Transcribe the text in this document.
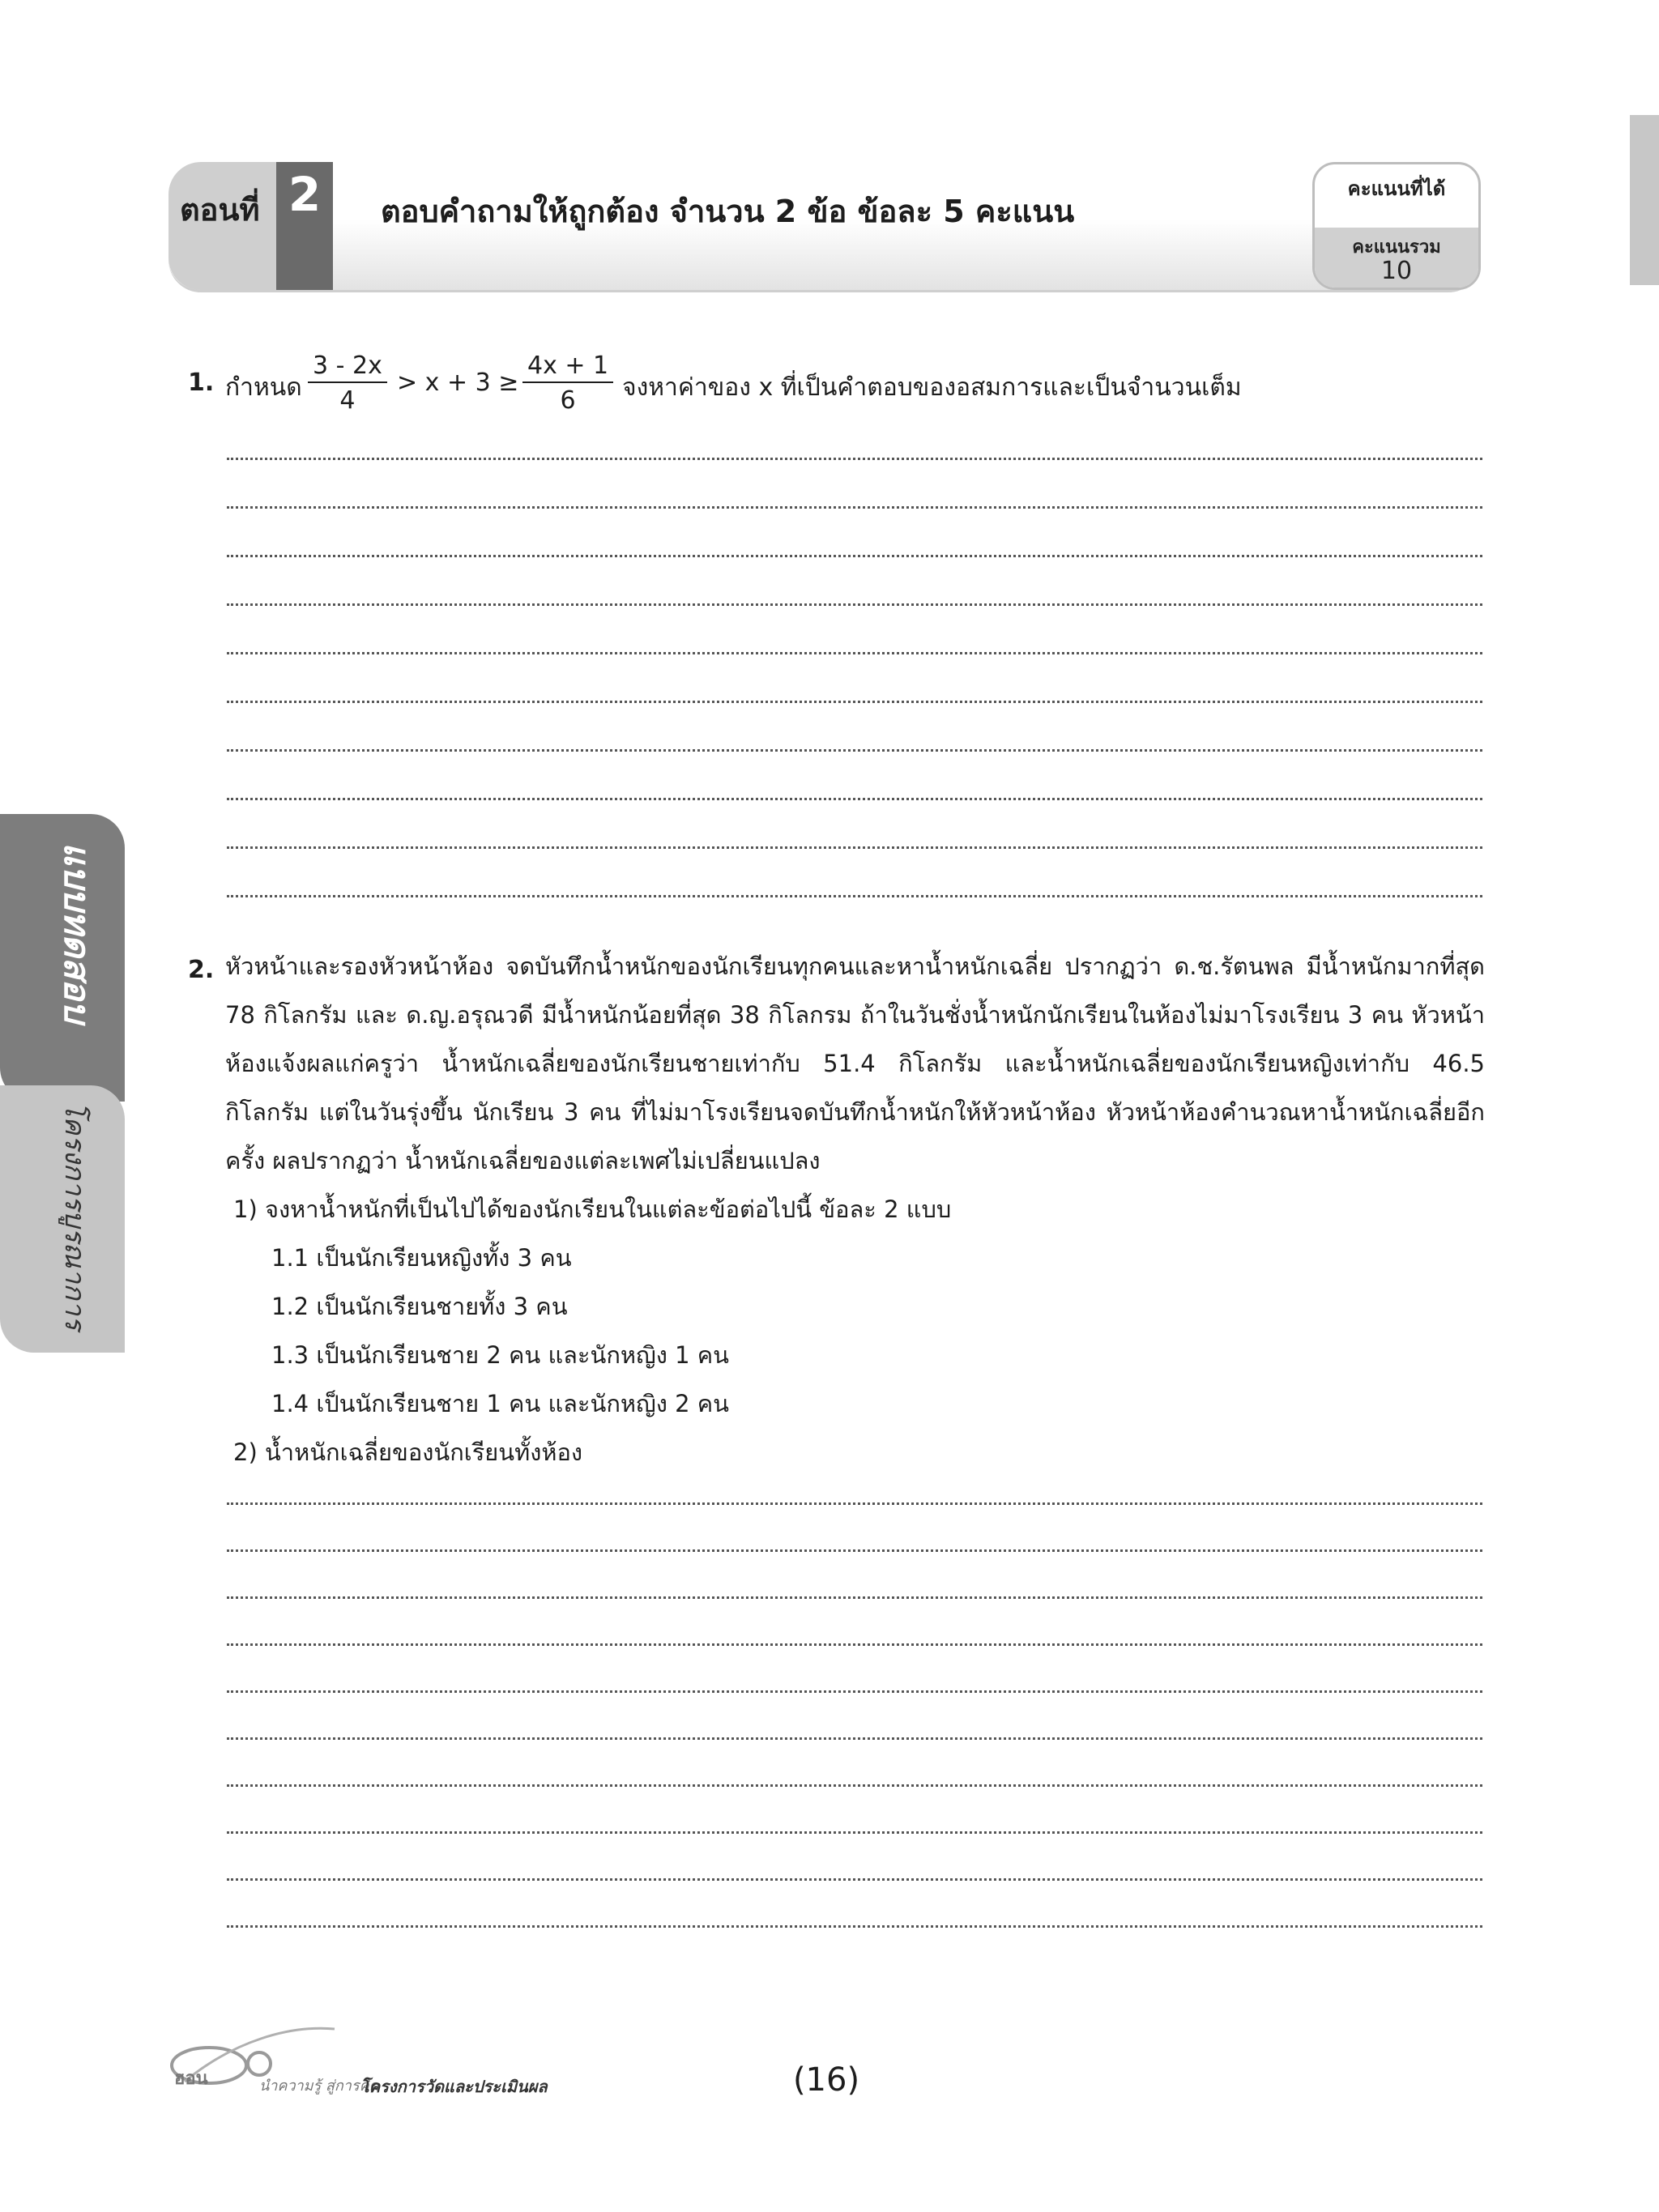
แบบทดสอบ
โครงการบูรณาการ
ตอนที่ 2	ตอบคำถามให้ถูกต้อง จำนวน 2 ข้อ ข้อละ 5 คะแนน
คะแนนที่ได้
คะแนนรวม
10
1. กำหนด $\frac{3 - 2x}{4} > x + 3 \ge \frac{4x + 1}{6}$ จงหาค่าของ x ที่เป็นคำตอบของอสมการและเป็นจำนวนเต็ม
2. หัวหน้าและรองหัวหน้าห้อง จดบันทึกน้ำหนักของนักเรียนทุกคนและหาน้ำหนักเฉลี่ย ปรากฏว่า ด.ช.รัตนพล มีน้ำหนักมากที่สุด 78 กิโลกรัม และ ด.ญ.อรุณวดี มีน้ำหนักน้อยที่สุด 38 กิโลกรม ถ้าในวันชั่งน้ำหนักนักเรียนในห้องไม่มาโรงเรียน 3 คน หัวหน้าห้องแจ้งผลแก่ครูว่า น้ำหนักเฉลี่ยของนักเรียนชายเท่ากับ 51.4 กิโลกรัม และน้ำหนักเฉลี่ยของนักเรียนหญิงเท่ากับ 46.5 กิโลกรัม แต่ในวันรุ่งขึ้น นักเรียน 3 คน ที่ไม่มาโรงเรียนจดบันทึกน้ำหนักให้หัวหน้าห้อง หัวหน้าห้องคำนวณหาน้ำหนักเฉลี่ยอีกครั้ง ผลปรากฏว่า น้ำหนักเฉลี่ยของแต่ละเพศไม่เปลี่ยนแปลง
1) จงหาน้ำหนักที่เป็นไปได้ของนักเรียนในแต่ละข้อต่อไปนี้ ข้อละ 2 แบบ
1.1 เป็นนักเรียนหญิงทั้ง 3 คน
1.2 เป็นนักเรียนชายทั้ง 3 คน
1.3 เป็นนักเรียนชาย 2 คน และนักหญิง 1 คน
1.4 เป็นนักเรียนชาย 1 คน และนักหญิง 2 คน
2) น้ำหนักเฉลี่ยของนักเรียนทั้งห้อง
ฮอน	นำความรู้ สู่การคิด
โครงการวัดและประเมินผล	(16)
